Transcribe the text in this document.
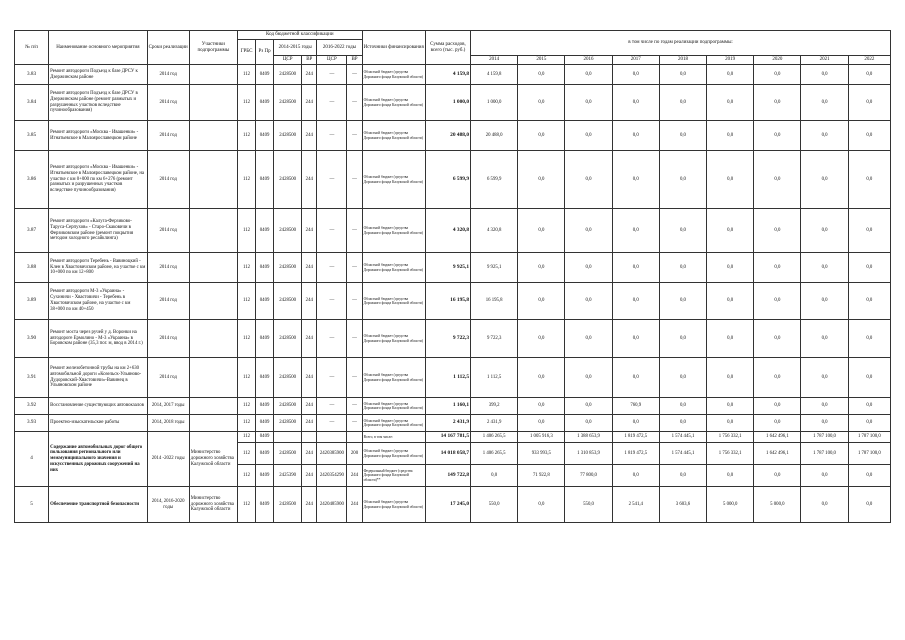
№ п/п	Наименование основного мероприятия	Сроки реализации	Участники подпрограммы	Код бюджетной классификации						Источники финансирования	Сумма расходов, всего (тыс. руб.)	в том числе по годам реализации подпрограммы:								
				ГРБС	Рз Пр	2014-2015 годы		2016-2022 годы												

						ЦСР	ВР	ЦСР	ВР			2014	2015	2016	2017	2018	2019	2020	2021	2022
3.83	Ремонт автодороги Подъезд к базе ДРСУ к Дзержинском районе	2014 год		112	0409	2428500	244	—	—	Областной бюджет (средства Дорожного фонда Калужской области)	4 159,8	4 159,8	0,0	0,0	0,0	0,0	0,0	0,0	0,0	0,0
3.84	Ремонт автодороги Подъезд к базе ДРСУ в Дзержинском районе (ремонт размытых и разрушенных участков вследствие пучинообразования)	2014 год		112	0409	2428500	244	—	—	Областной бюджет (средства Дорожного фонда Калужской области)	1 000,0	1 000,0	0,0	0,0	0,0	0,0	0,0	0,0	0,0	0,0
3.85	Ремонт автодороги «Москва - Ивашенки» - Игнатьевское в Малоярославецком районе	2014 год		112	0409	2428500	244	—	—	Областной бюджет (средства Дорожного фонда Калужской области)	20 488,0	20 488,0	0,0	0,0	0,0	0,0	0,0	0,0	0,0	0,0
3.86	Ремонт автодороги «Москва - Ивашенки» - Игнатьевское в Малоярославецком районе, на участке с км 0+000 по км 6+276 (ремонт размытых и разрушенных участков вследствие пучинообразования)	2014 год		112	0409	2428500	244	—	—	Областной бюджет (средства Дорожного фонда Калужской области)	6 599,9	6 599,9	0,0	0,0	0,0	0,0	0,0	0,0	0,0	0,0
3.87	Ремонт автодороги «Калуга-Ферзиково-Таруса-Серпухов» - Старо-Скаковичи в Ферзиковском районе (ремонт покрытия методом холодного ресайклинга)	2014 год		112	0409	2428500	244	—	—	Областной бюджет (средства Дорожного фонда Калужской области)	4 320,8	4 320,8	0,0	0,0	0,0	0,0	0,0	0,0	0,0	0,0
3.88	Ремонт автодороги Теребень - Вавиноцкий - Клен в Хвастовичском районе, на участке с км 10+000 по км 12+800	2014 год		112	0409	2428500	244	—	—	Областной бюджет (средства Дорожного фонда Калужской области)	9 925,1	9 925,1	0,0	0,0	0,0	0,0	0,0	0,0	0,0	0,0
3.89	Ремонт автодороги М-3 «Украина» - Сухиничи - Хвастовичи - Теребень в Хвастовичском районе, на участке с км 38+000 по км 40+450	2014 год		112	0409	2428500	244	—	—	Областной бюджет (средства Дорожного фонда Калужской области)	16 195,8	16 195,8	0,0	0,0	0,0	0,0	0,0	0,0	0,0	0,0
3.90	Ремонт моста через ручей у д. Воронки на автодороге Ермолино - М-3 «Украина» в Боровском районе (35,3 пог. м, ввод в 2014 г.)	2014 год		112	0409	2428500	244	—	—	Областной бюджет (средства Дорожного фонда Калужской области)	9 722,3	9 722,3	0,0	0,0	0,0	0,0	0,0	0,0	0,0	0,0
3.91	Ремонт железобетонной трубы на км 2+630 автомобильной дороги «Козельск-Ульяново-Дудоровский-Хвастовичи»-Вавинец в Ульяновском районе	2014 год		112	0409	2428500	244	—	—	Областной бюджет (средства Дорожного фонда Калужской области)	1 112,5	1 112,5	0,0	0,0	0,0	0,0	0,0	0,0	0,0	0,0
3.92	Восстановление существующих автовокзалов	2014, 2017 годы		112	0409	2428500	244	—	—	Областной бюджет (средства Дорожного фонда Калужской области)	1 160,1	399,2	0,0	0,0	760,9	0,0	0,0	0,0	0,0	0,0
3.93	Проектно-изыскательские работы	2014, 2018 годы		112	0409	2428500	244	—	—	Областной бюджет (средства Дорожного фонда Калужской области)	2 431,9	2 431,9	0,0	0,0	0,0	0,0	0,0	0,0	0,0	0,0
4	Содержание автомобильных дорог общего пользования регионального или межмуниципального значения и искусственных дорожных сооружений на них	2014 -2022 годы	Министерство дорожного хозяйства Калужской области	112	0409					Всего, в том числе:	14 167 781,5	1 406 265,5	1 005 916,3	1 388 653,9	1 819 472,5	1 574 445,1	1 756 332,1	1 642 496,1	1 787 100,0	1 787 100,0
				112	0409	2428500	244	2420385900	200	Областной бюджет (средства Дорожного фонда Калужской области)	14 018 058,7	1 406 265,5	933 993,5	1 310 853,9	1 819 472,5	1 574 445,1	1 756 332,1	1 642 496,1	1 787 100,0	1 787 100,0
				112	0409	2425390	244	2420354290	244	Федеральный бюджет (средства Дорожного фонда Калужской области)**	149 722,8	0,0	71 922,8	77 800,0	0,0	0,0	0,0	0,0	0,0	0,0
5	Обеспечение транспортной безопасности	2014, 2016-2020 годы	Министерство дорожного хозяйства Калужской области	112	0409	2428500	244	2420485900	244	Областной бюджет (средства Дорожного фонда Калужской области)	17 245,0	550,0	0,0	550,0	2 541,4	3 603,6	5 000,0	5 000,0	0,0	0,0
